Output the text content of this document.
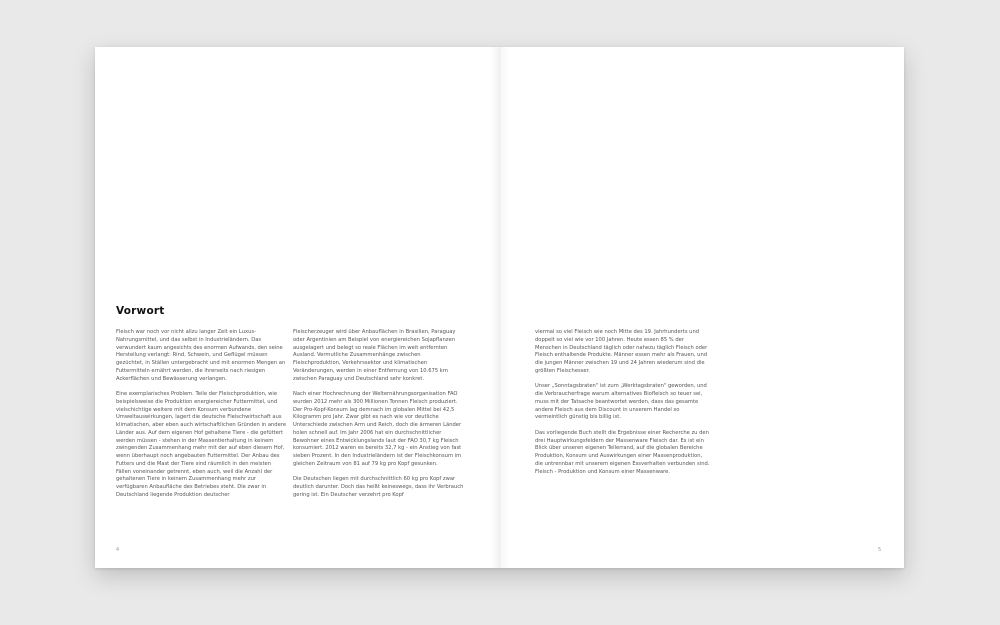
Vorwort

Fleisch war noch vor nicht allzu langer Zeit ein Luxus-Nahrungsmittel, und das selbst in Industrieländern. Das verwundert kaum angesichts des enormen Aufwands, den seine Herstellung verlangt: Rind, Schwein, und Geflügel müssen gezüchtet, in Ställen untergebracht und mit enormen Mengen an Futtermitteln ernährt werden, die ihrerseits nach riesigen Ackerflächen und Bewässerung verlangen.

Eine exemplarisches Problem. Teile der Fleischproduktion, wie beispielsweise die Produktion energiereicher Futtermittel, und vielschichtige weitere mit dem Konsum verbundene Umweltauswirkungen, lagert die deutsche Fleischwirtschaft aus klimatischen, aber eben auch wirtschaftlichen Gründen in andere Länder aus. Auf dem eigenen Hof gehaltene Tiere - die gefüttert werden müssen - stehen in der Massentierhaltung in keinem zwingenden Zusammenhang mehr mit der auf eben diesem Hof, wenn überhaupt noch angebauten Futtermittel. Der Anbau des Futters und die Mast der Tiere sind räumlich in den meisten Fällen voneinander getrennt, eben auch, weil die Anzahl der gehaltenen Tiere in keinem Zusammenhang mehr zur verfügbaren Anbaufläche des Betriebes steht. Die zwar in Deutschland liegende Produktion deutscher

Fleischerzeuger wird über Anbauflächen in Brasilien, Paraguay oder Argentinien am Beispiel von energiereichen Sojapflanzen ausgelagert und belegt so reale Flächen im weit entfernten Ausland. Vermutliche Zusammenhänge zwischen Fleischproduktion, Verkehrssektor und klimatischen Veränderungen, werden in einer Entfernung von 10.675 km zwischen Paraguay und Deutschland sehr konkret.

Nach einer Hochrechnung der Welternährungsorganisation FAO wurden 2012 mehr als 300 Millionen Tonnen Fleisch produziert. Der Pro-Kopf-Konsum lag demnach im globalen Mittel bei 42,5 Kilogramm pro Jahr. Zwar gibt es nach wie vor deutliche Unterschiede zwischen Arm und Reich, doch die ärmeren Länder holen schnell auf. Im Jahr 2006 hat ein durchschnittlicher Bewohner eines Entwicklungslands laut der FAO 30,7 kg Fleisch konsumiert. 2012 waren es bereits 32,7 kg - ein Anstieg von fast sieben Prozent. In den Industrieländern ist der Fleischkonsum im gleichen Zeitraum von 81 auf 79 kg pro Kopf gesunken.

Die Deutschen liegen mit durchschnittlich 60 kg pro Kopf zwar deutlich darunter. Doch das heißt keineswegs, dass ihr Verbrauch gering ist. Ein Deutscher verzehrt pro Kopf

4

viermal so viel Fleisch wie noch Mitte des 19. Jahrhunderts und doppelt so viel wie vor 100 Jahren. Heute essen 85 % der Menschen in Deutschland täglich oder nahezu täglich Fleisch oder Fleisch enthaltende Produkte. Männer essen mehr als Frauen, und die jungen Männer zwischen 19 und 24 Jahren wiederum sind die größten Fleischesser.

Unser „Sonntagsbraten" ist zum „Werktagsbraten" geworden, und die Verbraucherfrage warum alternatives Biofleisch so teuer sei, muss mit der Tatsache beantwortet werden, dass das gesamte andere Fleisch aus dem Discount in unserem Handel so vermeintlich günstig bis billig ist.

Das vorliegende Buch stellt die Ergebnisse einer Recherche zu den drei Hauptwirkungsfeldern der Massenware Fleisch dar. Es ist ein Blick über unseren eigenen Tellerrand, auf die globalen Bereiche Produktion, Konsum und Auswirkungen einer Massenproduktion, die untrennbar mit unserem eigenen Essverhalten verbunden sind. Fleisch - Produktion und Konsum einer Massenware.

5
